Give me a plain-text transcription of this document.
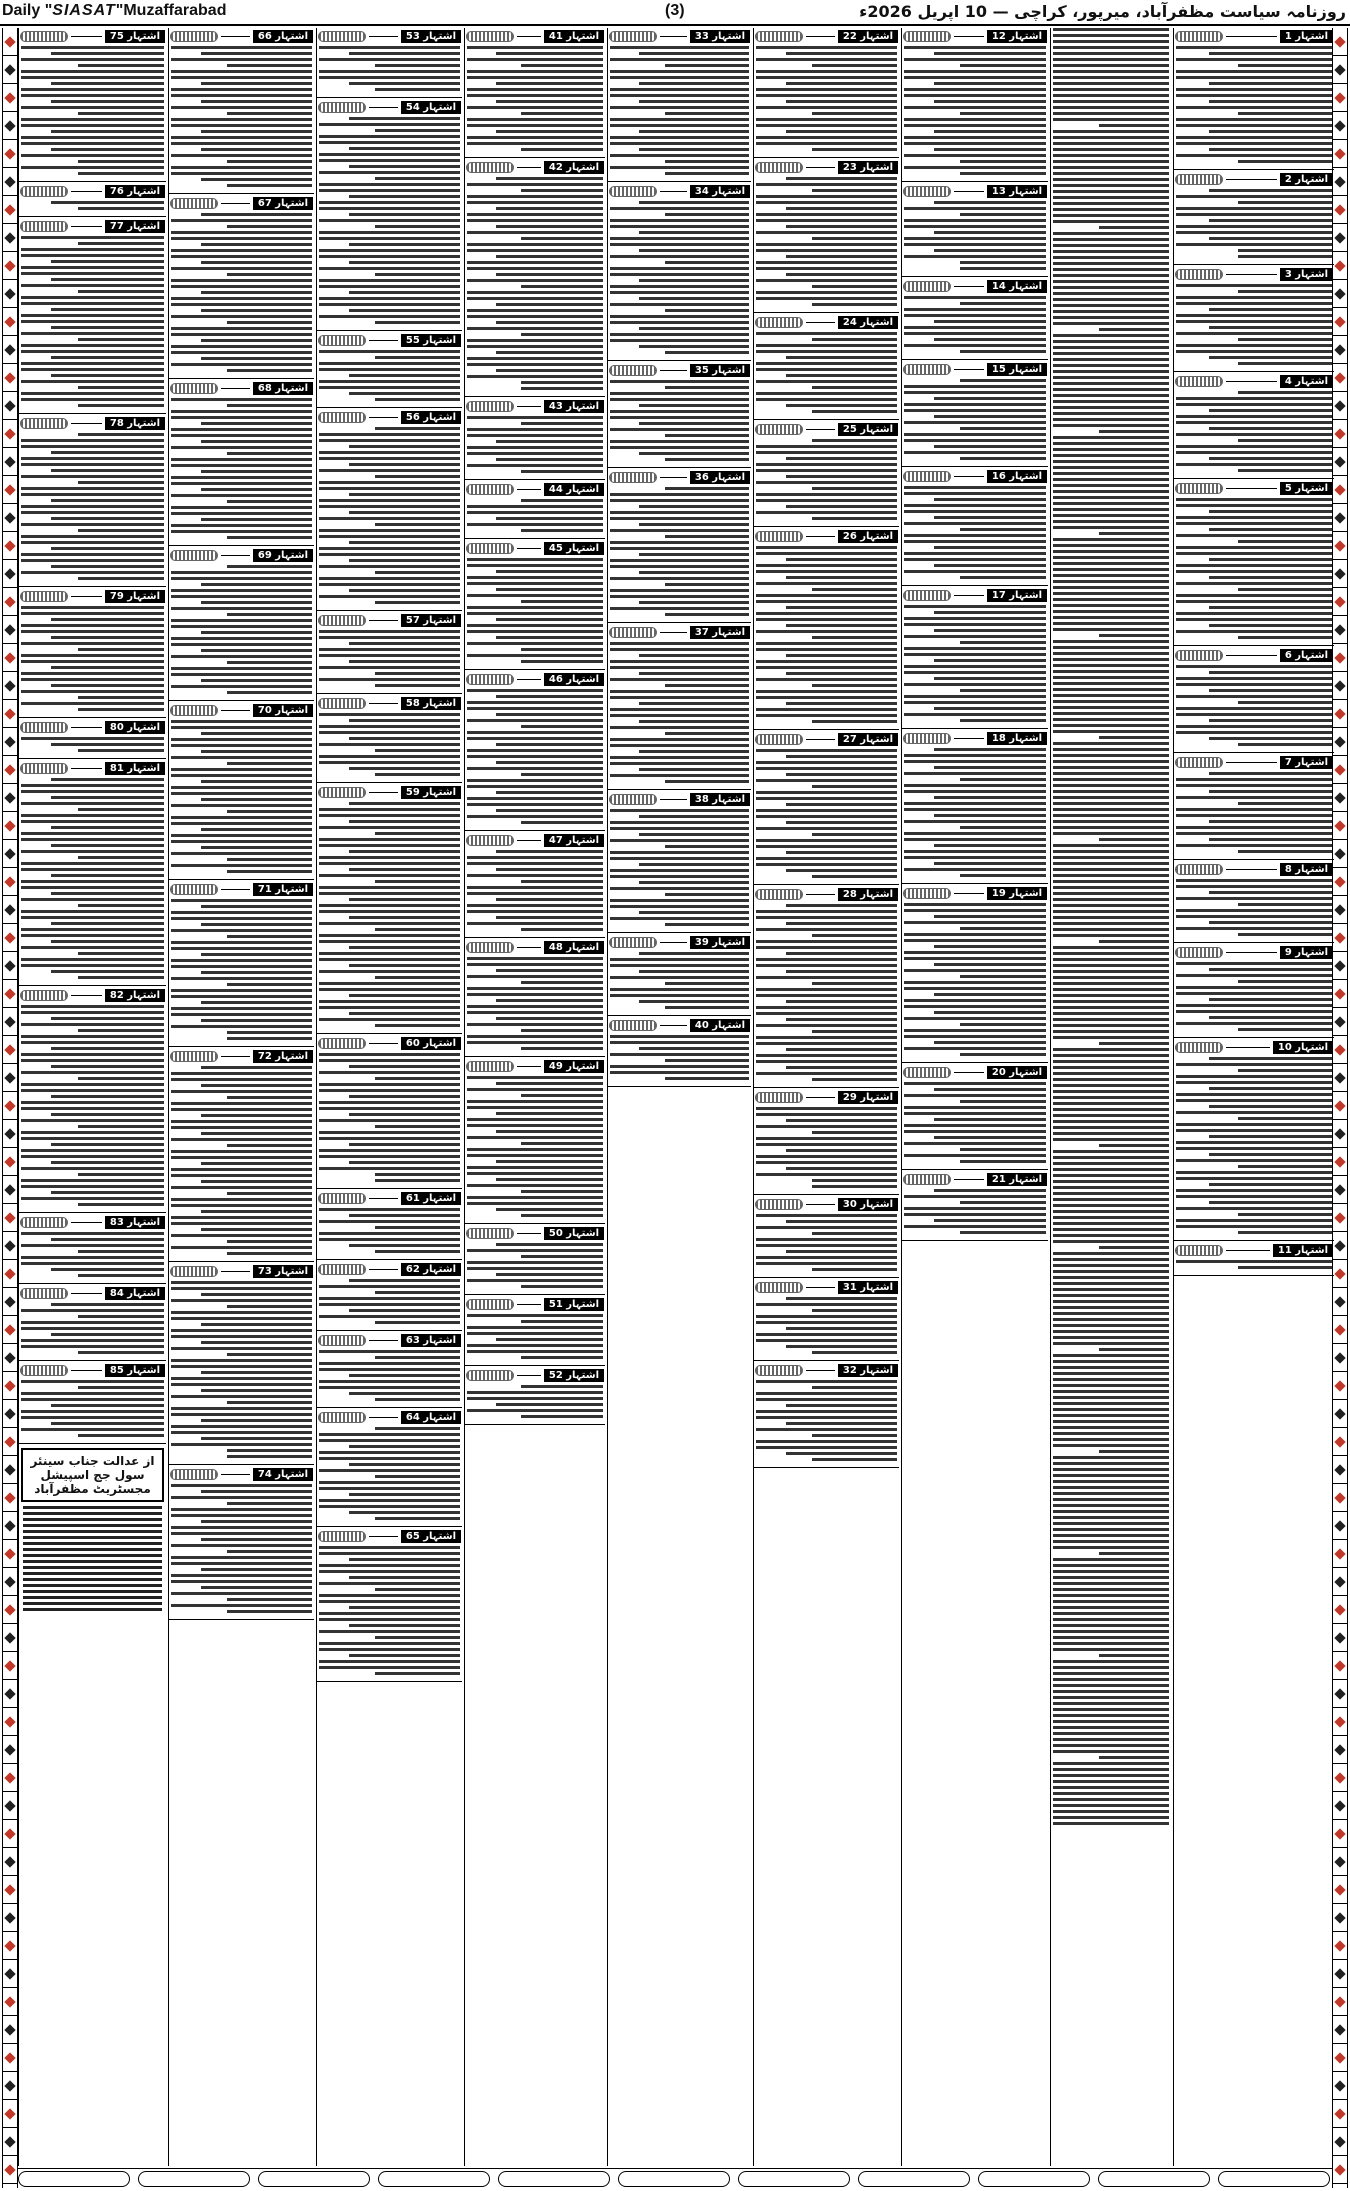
Daily "SIASAT"Muzaffarabad	(3)	روزنامہ سیاست مظفرآباد، میرپور، کراچی — 10 اپریل 2026ء
اشتہار 75
اشتہار 76
اشتہار 77
اشتہار 78
اشتہار 79
اشتہار 80
اشتہار 81
اشتہار 82
اشتہار 83
اشتہار 84
اشتہار 85
از عدالت جناب سینئر سول جج اسپیشل مجسٹریٹ مظفرآباد
اشتہار 66
اشتہار 67
اشتہار 68
اشتہار 69
اشتہار 70
اشتہار 71
اشتہار 72
اشتہار 73
اشتہار 74
اشتہار 53
اشتہار 54
اشتہار 55
اشتہار 56
اشتہار 57
اشتہار 58
اشتہار 59
اشتہار 60
اشتہار 61
اشتہار 62
اشتہار 63
اشتہار 64
اشتہار 65
اشتہار 41
اشتہار 42
اشتہار 43
اشتہار 44
اشتہار 45
اشتہار 46
اشتہار 47
اشتہار 48
اشتہار 49
اشتہار 50
اشتہار 51
اشتہار 52
اشتہار 33
اشتہار 34
اشتہار 35
اشتہار 36
اشتہار 37
اشتہار 38
اشتہار 39
اشتہار 40
اشتہار 22
اشتہار 23
اشتہار 24
اشتہار 25
اشتہار 26
اشتہار 27
اشتہار 28
اشتہار 29
اشتہار 30
اشتہار 31
اشتہار 32
اشتہار 12
اشتہار 13
اشتہار 14
اشتہار 15
اشتہار 16
اشتہار 17
اشتہار 18
اشتہار 19
اشتہار 20
اشتہار 21
اشتہار 1
اشتہار 2
اشتہار 3
اشتہار 4
اشتہار 5
اشتہار 6
اشتہار 7
اشتہار 8
اشتہار 9
اشتہار 10
اشتہار 11
